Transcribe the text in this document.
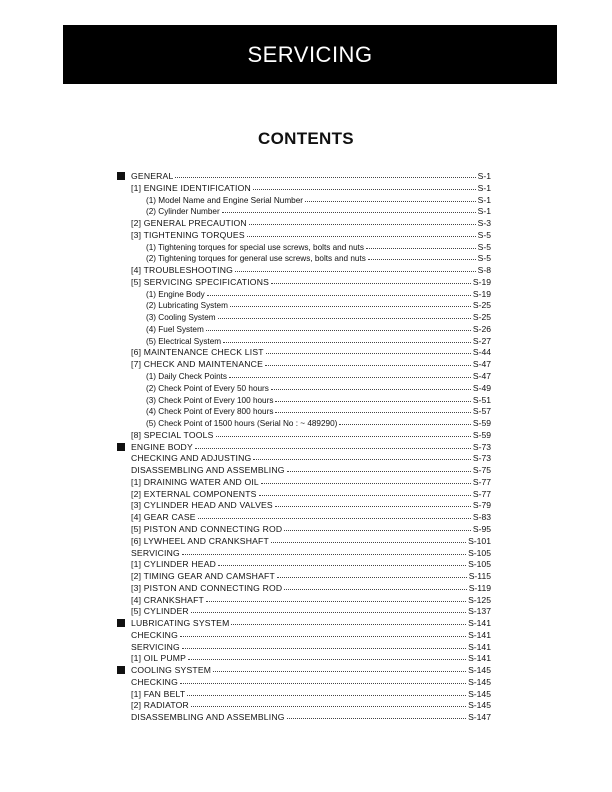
SERVICING
CONTENTS
GENERAL	S-1
[1] ENGINE IDENTIFICATION	S-1
(1) Model Name and Engine Serial Number	S-1
(2) Cylinder Number	S-1
[2] GENERAL PRECAUTION	S-3
[3] TIGHTENING TORQUES	S-5
(1) Tightening torques for special use screws, bolts and nuts	S-5
(2) Tightening torques for general use screws, bolts and nuts	S-5
[4] TROUBLESHOOTING	S-8
[5] SERVICING SPECIFICATIONS	S-19
(1) Engine Body	S-19
(2) Lubricating System	S-25
(3) Cooling System	S-25
(4) Fuel System	S-26
(5) Electrical System	S-27
[6] MAINTENANCE CHECK LIST	S-44
[7] CHECK AND MAINTENANCE	S-47
(1) Daily Check Points	S-47
(2) Check Point of Every 50 hours	S-49
(3) Check Point of Every 100 hours	S-51
(4) Check Point of Every 800 hours	S-57
(5) Check Point of 1500 hours (Serial No : ~ 489290)	S-59
[8] SPECIAL TOOLS	S-59
ENGINE BODY	S-73
CHECKING AND ADJUSTING	S-73
DISASSEMBLING AND ASSEMBLING	S-75
[1] DRAINING WATER AND OIL	S-77
[2] EXTERNAL COMPONENTS	S-77
[3] CYLINDER HEAD AND VALVES	S-79
[4] GEAR CASE	S-83
[5] PISTON AND CONNECTING ROD	S-95
[6] LYWHEEL AND CRANKSHAFT	S-101
SERVICING	S-105
[1] CYLINDER HEAD	S-105
[2] TIMING GEAR AND CAMSHAFT	S-115
[3] PISTON AND CONNECTING ROD	S-119
[4] CRANKSHAFT	S-125
[5] CYLINDER	S-137
LUBRICATING SYSTEM	S-141
CHECKING	S-141
SERVICING	S-141
[1] OIL PUMP	S-141
COOLING SYSTEM	S-145
CHECKING	S-145
[1] FAN BELT	S-145
[2] RADIATOR	S-145
DISASSEMBLING AND ASSEMBLING	S-147
